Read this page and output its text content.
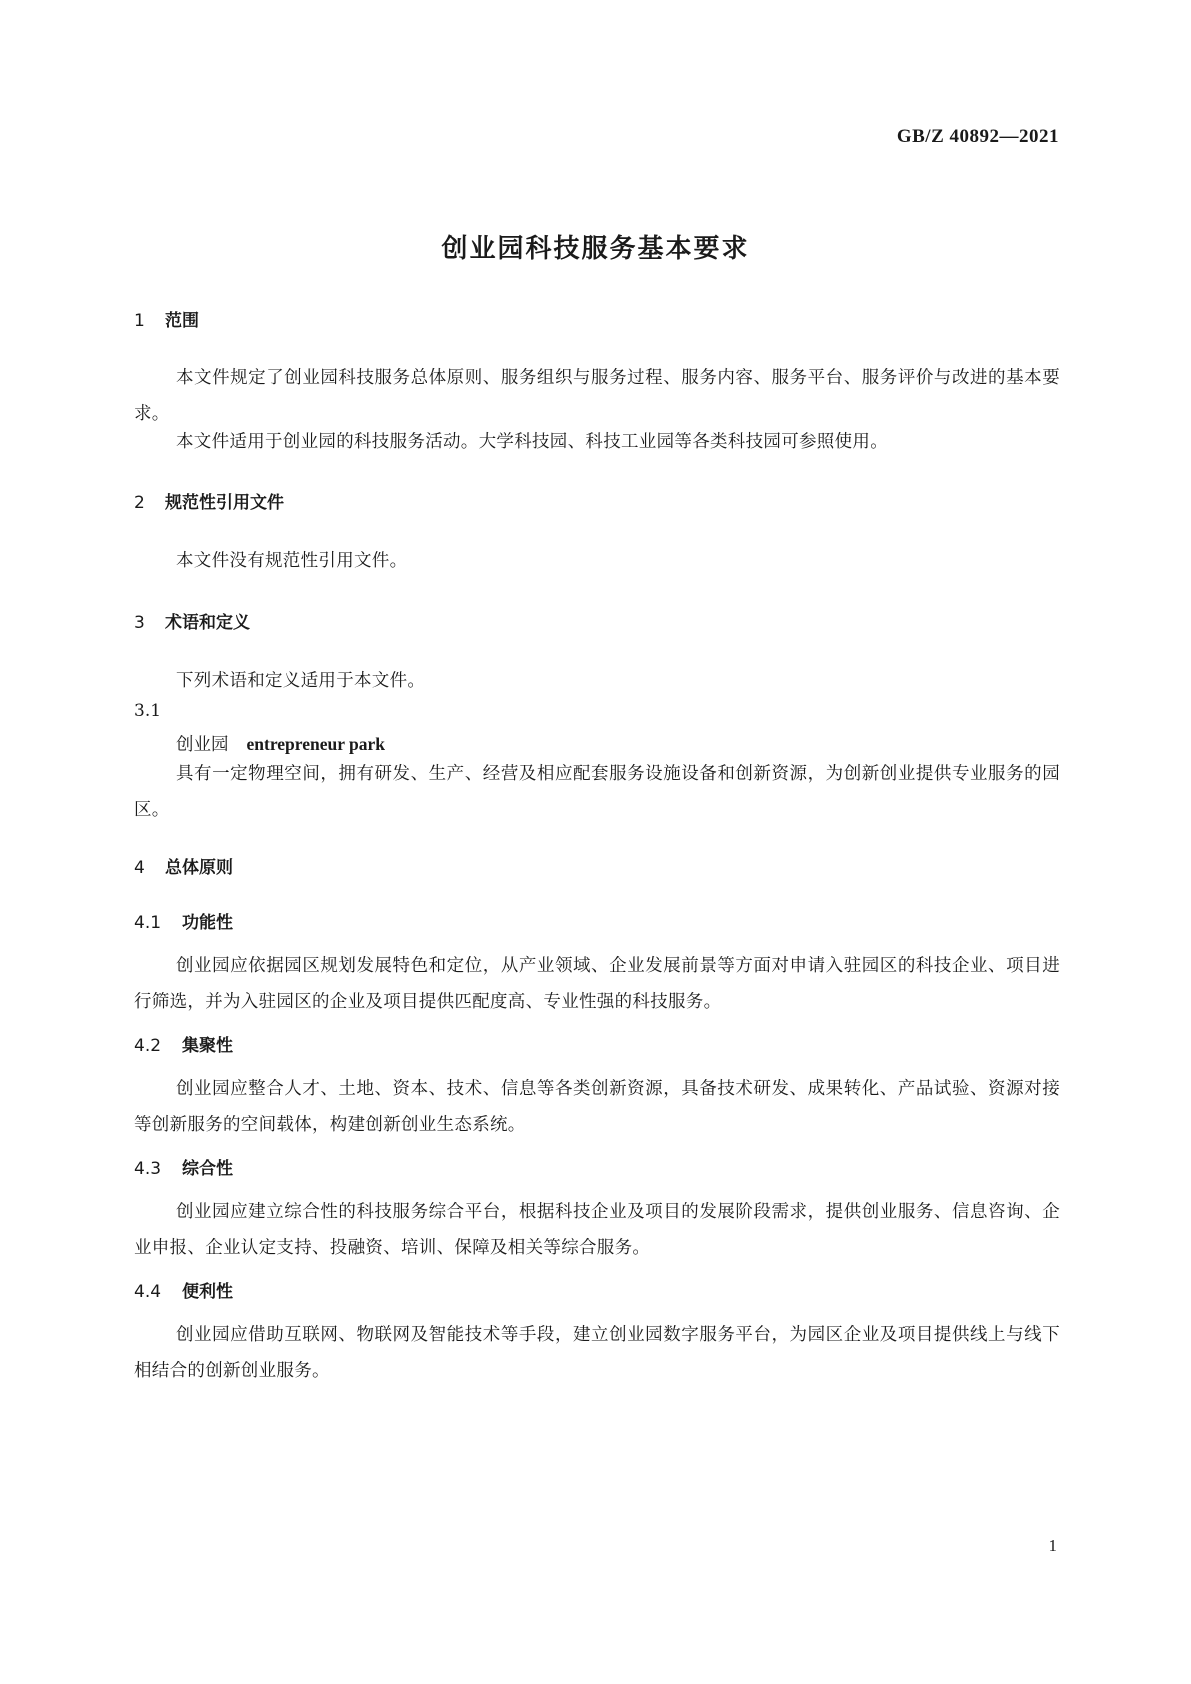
GB/Z 40892—2021
创业园科技服务基本要求
1 范围
本文件规定了创业园科技服务总体原则、服务组织与服务过程、服务内容、服务平台、服务评价与改进的基本要求。
本文件适用于创业园的科技服务活动。大学科技园、科技工业园等各类科技园可参照使用。
2 规范性引用文件
本文件没有规范性引用文件。
3 术语和定义
下列术语和定义适用于本文件。
3.1
创业园 entrepreneur park
具有一定物理空间，拥有研发、生产、经营及相应配套服务设施设备和创新资源，为创新创业提供专业服务的园区。
4 总体原则
4.1 功能性
创业园应依据园区规划发展特色和定位，从产业领域、企业发展前景等方面对申请入驻园区的科技企业、项目进行筛选，并为入驻园区的企业及项目提供匹配度高、专业性强的科技服务。
4.2 集聚性
创业园应整合人才、土地、资本、技术、信息等各类创新资源，具备技术研发、成果转化、产品试验、资源对接等创新服务的空间载体，构建创新创业生态系统。
4.3 综合性
创业园应建立综合性的科技服务综合平台，根据科技企业及项目的发展阶段需求，提供创业服务、信息咨询、企业申报、企业认定支持、投融资、培训、保障及相关等综合服务。
4.4 便利性
创业园应借助互联网、物联网及智能技术等手段，建立创业园数字服务平台，为园区企业及项目提供线上与线下相结合的创新创业服务。
1
